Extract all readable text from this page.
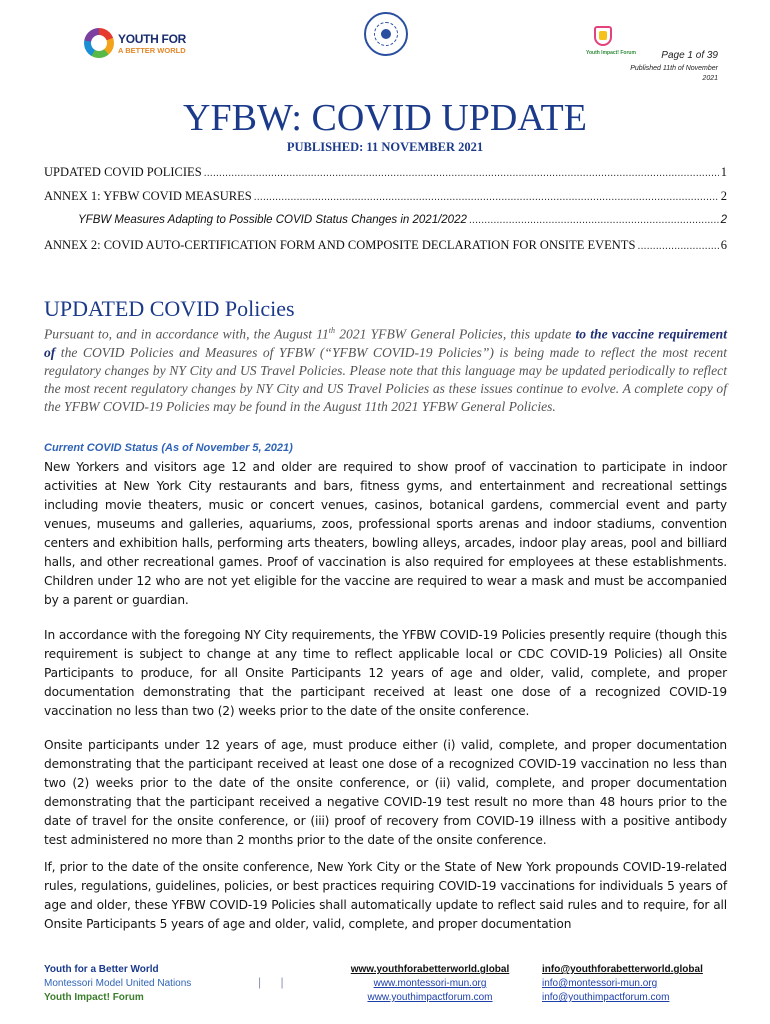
YOUTH FOR
A BETTER WORLD	Youth Impact! Forum	Page 1 of 39
Published 11th of November
2021
YFBW: COVID UPDATE
PUBLISHED: 11 NOVEMBER 2021
UPDATED COVID POLICIES .....	1
ANNEX 1: YFBW COVID MEASURES .....	2
YFBW Measures Adapting to Possible COVID Status Changes in 2021/2022 .....	2
ANNEX 2: COVID AUTO-CERTIFICATION FORM AND COMPOSITE DECLARATION FOR ONSITE EVENTS .....	6
UPDATED COVID Policies
Pursuant to, and in accordance with, the August 11th 2021 YFBW General Policies, this update to the vaccine requirement of the COVID Policies and Measures of YFBW (“YFBW COVID-19 Policies”) is being made to reflect the most recent regulatory changes by NY City and US Travel Policies. Please note that this language may be updated periodically to reflect the most recent regulatory changes by NY City and US Travel Policies as these issues continue to evolve. A complete copy of the YFBW COVID-19 Policies may be found in the August 11th 2021 YFBW General Policies.
Current COVID Status (As of November 5, 2021)
New Yorkers and visitors age 12 and older are required to show proof of vaccination to participate in indoor activities at New York City restaurants and bars, fitness gyms, and entertainment and recreational settings including movie theaters, music or concert venues, casinos, botanical gardens, commercial event and party venues, museums and galleries, aquariums, zoos, professional sports arenas and indoor stadiums, convention centers and exhibition halls, performing arts theaters, bowling alleys, arcades, indoor play areas, pool and billiard halls, and other recreational games. Proof of vaccination is also required for employees at these establishments. Children under 12 who are not yet eligible for the vaccine are required to wear a mask and must be accompanied by a parent or guardian.
In accordance with the foregoing NY City requirements, the YFBW COVID-19 Policies presently require (though this requirement is subject to change at any time to reflect applicable local or CDC COVID-19 Policies) all Onsite Participants to produce, for all Onsite Participants 12 years of age and older, valid, complete, and proper documentation demonstrating that the participant received at least one dose of a recognized COVID-19 vaccination no less than two (2) weeks prior to the date of the onsite conference.
Onsite participants under 12 years of age, must produce either (i) valid, complete, and proper documentation demonstrating that the participant received at least one dose of a recognized COVID-19 vaccination no less than two (2) weeks prior to the date of the onsite conference, or (ii) valid, complete, and proper documentation demonstrating that the participant received a negative COVID-19 test result no more than 48 hours prior to the date of travel for the onsite conference, or (iii) proof of recovery from COVID-19 illness with a positive antibody test administered no more than 2 months prior to the date of the onsite conference.
If, prior to the date of the onsite conference, New York City or the State of New York propounds COVID-19-related rules, regulations, guidelines, policies, or best practices requiring COVID-19 vaccinations for individuals 5 years of age and older, these YFBW COVID-19 Policies shall automatically update to reflect said rules and to require, for all Onsite Participants 5 years of age and older, valid, complete, and proper documentation
Youth for a Better World
Montessori Model United Nations
Youth Impact! Forum
| |
www.youthforabetterworld.global
www.montessori-mun.org
www.youthimpactforum.com
info@youthforabetterworld.global
info@montessori-mun.org
info@youthimpactforum.com
